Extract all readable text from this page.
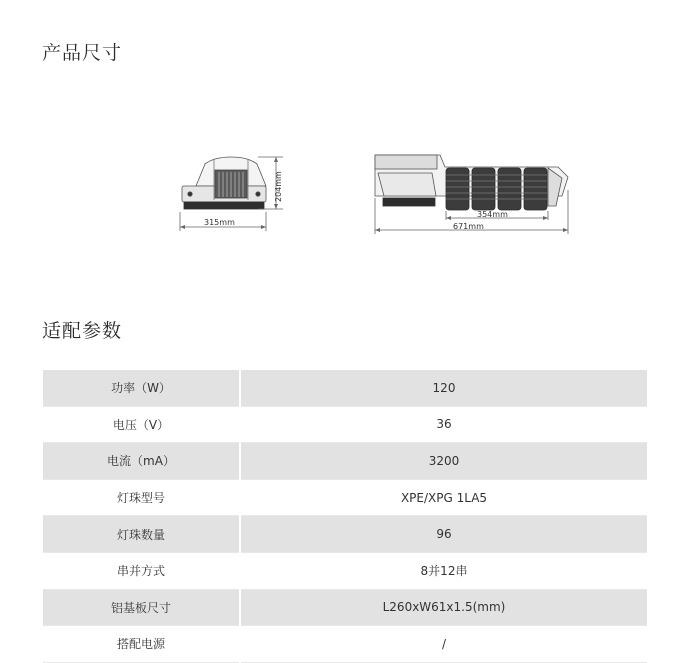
产品尺寸
315mm
204mm
354mm
671mm
适配参数
功率（W）	120
电压（V）	36
电流（mA）	3200
灯珠型号	XPE/XPG 1LA5
灯珠数量	96
串并方式	8并12串
铝基板尺寸	L260xW61x1.5(mm)
搭配电源	/
